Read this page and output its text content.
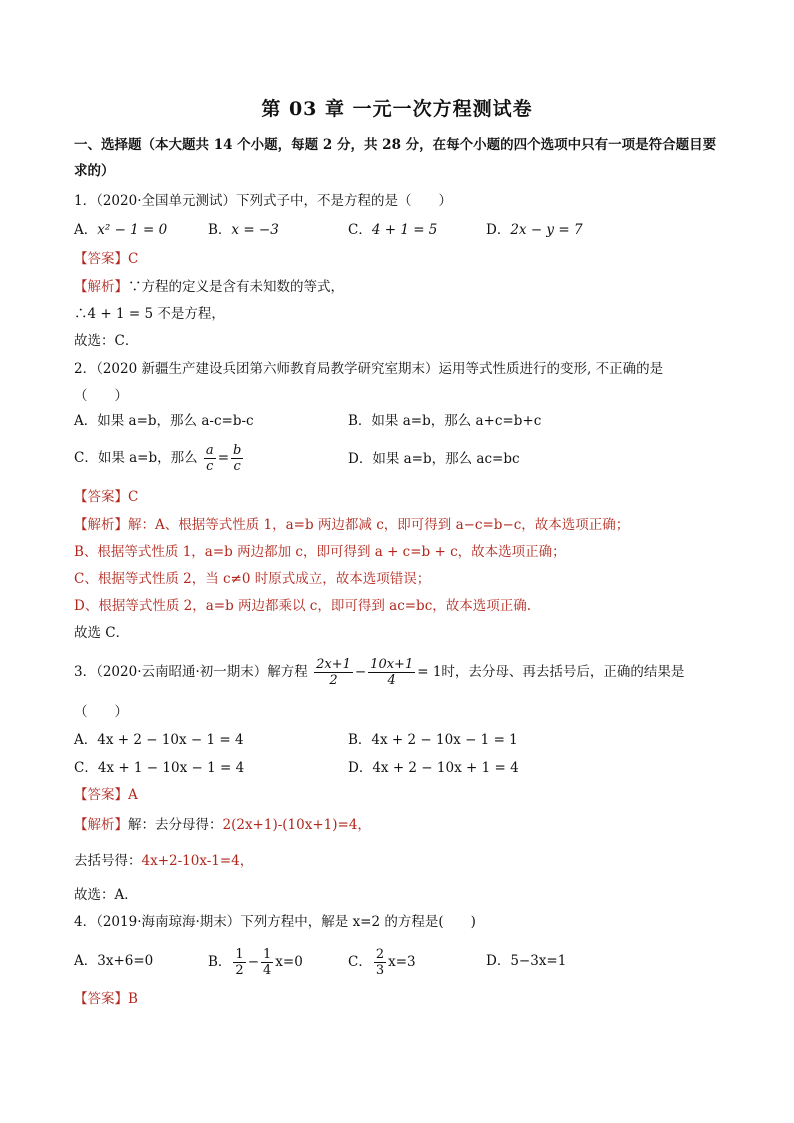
第 03 章 一元一次方程测试卷
一、选择题（本大题共 14 个小题，每题 2 分，共 28 分，在每个小题的四个选项中只有一项是符合题目要
求的）
1．（2020·全国单元测试）下列式子中，不是方程的是（　　）
A．x² − 1 = 0	B．x = −3	C．4 + 1 = 5	D．2x − y = 7
【答案】C
【解析】∵方程的定义是含有未知数的等式，
∴4 + 1 = 5 不是方程，
故选：C．
2．（2020 新疆生产建设兵团第六师教育局教学研究室期末）运用等式性质进行的变形, 不正确的是
（　　）
A．如果 a=b，那么 a-c=b-c	B．如果 a=b，那么 a+c=b+c
C．如果 a=b，那么 $\frac{a}{c} = \frac{b}{c}$	D．如果 a=b，那么 ac=bc
【答案】C
【解析】解：A、根据等式性质 1，a=b 两边都减 c，即可得到 a−c=b−c，故本选项正确；
B、根据等式性质 1，a=b 两边都加 c，即可得到 a + c=b + c，故本选项正确；
C、根据等式性质 2，当 c≠0 时原式成立，故本选项错误；
D、根据等式性质 2，a=b 两边都乘以 c，即可得到 ac=bc，故本选项正确.
故选 C．
3．（2020·云南昭通·初一期末）解方程 $\frac{2x+1}{2} - \frac{10x+1}{4} = 1$时，去分母、再去括号后，正确的结果是
（　　）
A．4x + 2 − 10x − 1 = 4	B．4x + 2 − 10x − 1 = 1
C．4x + 1 − 10x − 1 = 4	D．4x + 2 − 10x + 1 = 4
【答案】A
【解析】解：去分母得：2(2x+1)-(10x+1)=4，
去括号得：4x+2-10x-1=4，
故选：A．
4．（2019·海南琼海·期末）下列方程中，解是 x=2 的方程是(　　)
A．3x+6=0	B． $\frac{1}{2} - \frac{1}{4} x=0$	C． $\frac{2}{3} x=3$	D．5−3x=1
【答案】B
